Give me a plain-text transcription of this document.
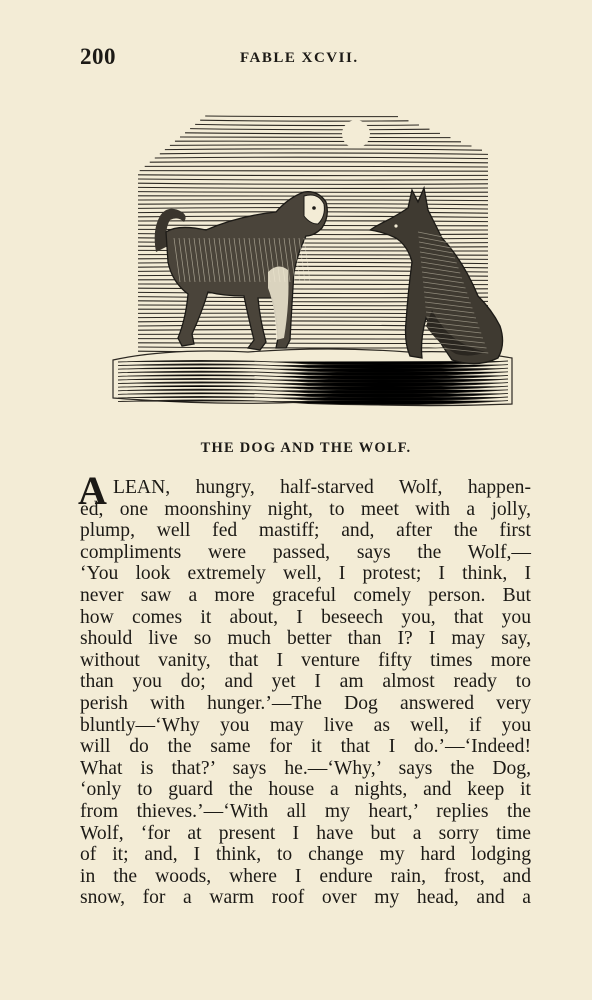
200	FABLE XCVII.
THE DOG AND THE WOLF.
A LEAN, hungry, half-starved Wolf, happen-
ed, one moonshiny night, to meet with a jolly,
plump, well fed mastiff; and, after the first
compliments were passed, says the Wolf,—
‘You look extremely well, I protest; I think, I
never saw a more graceful comely person. But
how comes it about, I beseech you, that you
should live so much better than I? I may say,
without vanity, that I venture fifty times more
than you do; and yet I am almost ready to
perish with hunger.’—The Dog answered very
bluntly—‘Why you may live as well, if you
will do the same for it that I do.’—‘Indeed!
What is that?’ says he.—‘Why,’ says the Dog,
‘only to guard the house a nights, and keep it
from thieves.’—‘With all my heart,’ replies the
Wolf, ‘for at present I have but a sorry time
of it; and, I think, to change my hard lodging
in the woods, where I endure rain, frost, and
snow, for a warm roof over my head, and a
